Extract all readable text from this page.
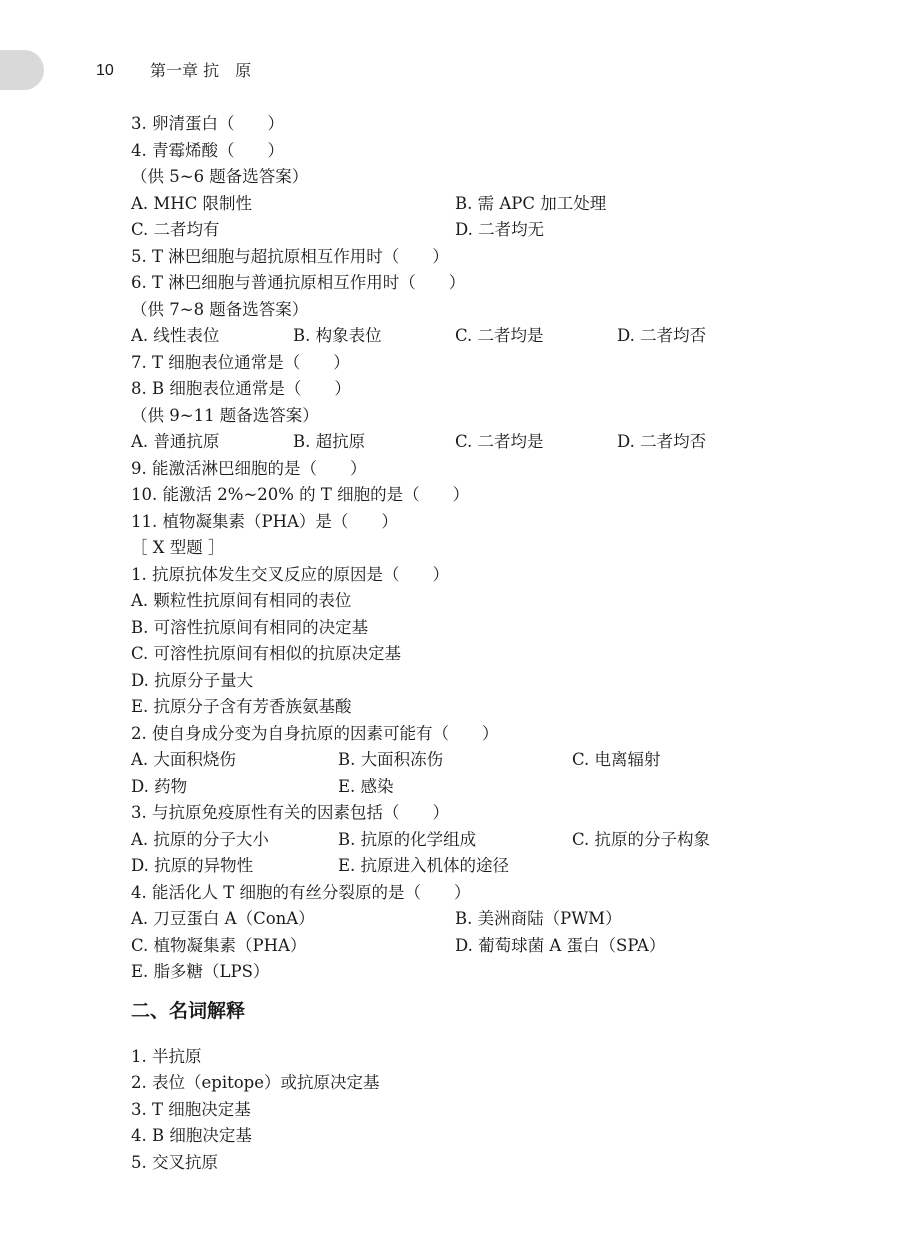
10 第一章 抗　原
3. 卵清蛋白（　　）
4. 青霉烯酸（　　）
（供 5~6 题备选答案）
A. MHC 限制性	B. 需 APC 加工处理
C. 二者均有	D. 二者均无
5. T 淋巴细胞与超抗原相互作用时（　　）
6. T 淋巴细胞与普通抗原相互作用时（　　）
（供 7~8 题备选答案）
A. 线性表位	B. 构象表位	C. 二者均是	D. 二者均否
7. T 细胞表位通常是（　　）
8. B 细胞表位通常是（　　）
（供 9~11 题备选答案）
A. 普通抗原	B. 超抗原	C. 二者均是	D. 二者均否
9. 能激活淋巴细胞的是（　　）
10. 能激活 2%~20% 的 T 细胞的是（　　）
11. 植物凝集素（PHA）是（　　）
［ X 型题 ］
1. 抗原抗体发生交叉反应的原因是（　　）
A. 颗粒性抗原间有相同的表位
B. 可溶性抗原间有相同的决定基
C. 可溶性抗原间有相似的抗原决定基
D. 抗原分子量大
E. 抗原分子含有芳香族氨基酸
2. 使自身成分变为自身抗原的因素可能有（　　）
A. 大面积烧伤	B. 大面积冻伤	C. 电离辐射
D. 药物	E. 感染
3. 与抗原免疫原性有关的因素包括（　　）
A. 抗原的分子大小	B. 抗原的化学组成	C. 抗原的分子构象
D. 抗原的异物性	E. 抗原进入机体的途径
4. 能活化人 T 细胞的有丝分裂原的是（　　）
A. 刀豆蛋白 A（ConA）	B. 美洲商陆（PWM）
C. 植物凝集素（PHA）	D. 葡萄球菌 A 蛋白（SPA）
E. 脂多糖（LPS）
二、名词解释
1. 半抗原
2. 表位（epitope）或抗原决定基
3. T 细胞决定基
4. B 细胞决定基
5. 交叉抗原
